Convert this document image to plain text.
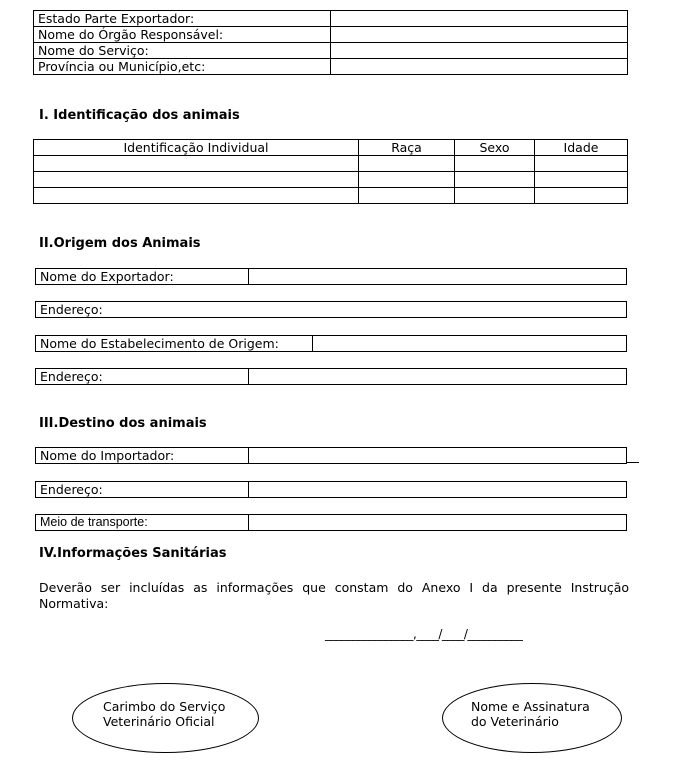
Estado Parte Exportador:	
Nome do Órgão Responsável:	
Nome do Serviço:	
Província ou Município,etc:	
I. Identificação dos animais
Identificação Individual	Raça	Sexo	Idade

II.Origem dos Animais
Nome do Exportador:
Endereço:
Nome do Estabelecimento de Origem:
Endereço:
III.Destino dos animais
Nome do Importador:
Endereço:
Meio de transporte:
IV.Informações Sanitárias
Deverão ser incluídas as informações que constam do Anexo I da presente Instrução Normativa:
________________,____/____/__________
Carimbo do Serviço
Veterinário Oficial
Nome e Assinatura
do Veterinário
